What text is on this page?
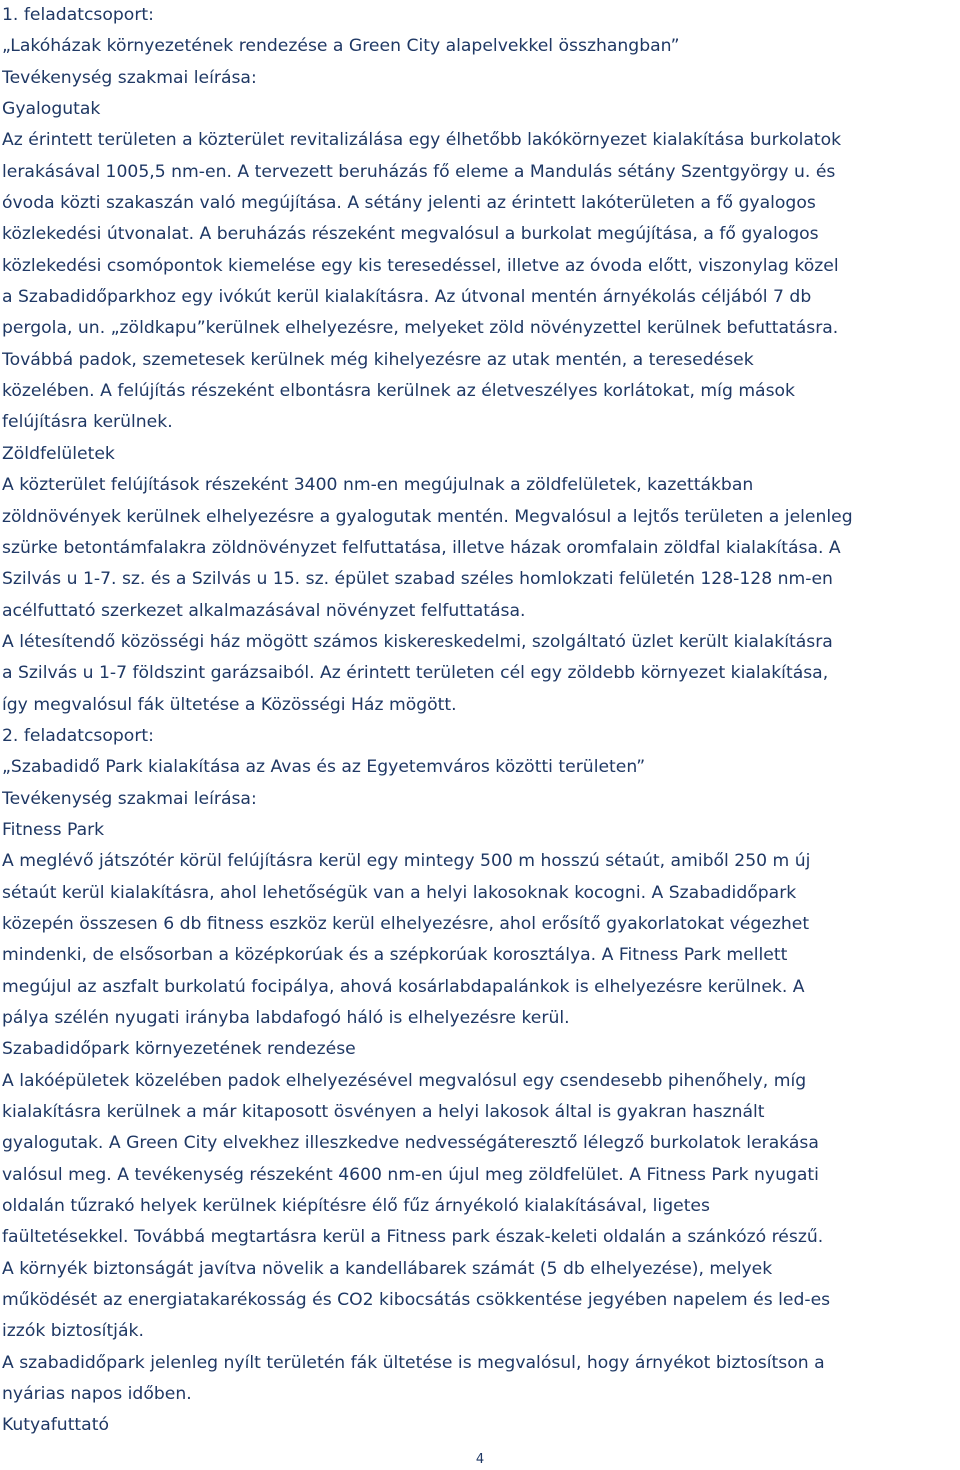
1. feladatcsoport:
„Lakóházak környezetének rendezése a Green City alapelvekkel összhangban”
Tevékenység szakmai leírása:
Gyalogutak
Az érintett területen a közterület revitalizálása egy élhetőbb lakókörnyezet kialakítása burkolatok
lerakásával 1005,5 nm-en. A tervezett beruházás fő eleme a Mandulás sétány Szentgyörgy u. és
óvoda közti szakaszán való megújítása. A sétány jelenti az érintett lakóterületen a fő gyalogos
közlekedési útvonalat. A beruházás részeként megvalósul a burkolat megújítása, a fő gyalogos
közlekedési csomópontok kiemelése egy kis teresedéssel, illetve az óvoda előtt, viszonylag közel
a Szabadidőparkhoz egy ivókút kerül kialakításra. Az útvonal mentén árnyékolás céljából 7 db
pergola, un. „zöldkapu”kerülnek elhelyezésre, melyeket zöld növényzettel kerülnek befuttatásra.
Továbbá padok, szemetesek kerülnek még kihelyezésre az utak mentén, a teresedések
közelében. A felújítás részeként elbontásra kerülnek az életveszélyes korlátokat, míg mások
felújításra kerülnek.
Zöldfelületek
A közterület felújítások részeként 3400 nm-en megújulnak a zöldfelületek, kazettákban
zöldnövények kerülnek elhelyezésre a gyalogutak mentén. Megvalósul a lejtős területen a jelenleg
szürke betontámfalakra zöldnövényzet felfuttatása, illetve házak oromfalain zöldfal kialakítása. A
Szilvás u 1-7. sz. és a Szilvás u 15. sz. épület szabad széles homlokzati felületén 128-128 nm-en
acélfuttató szerkezet alkalmazásával növényzet felfuttatása.
A létesítendő közösségi ház mögött számos kiskereskedelmi, szolgáltató üzlet került kialakításra
a Szilvás u 1-7 földszint garázsaiból. Az érintett területen cél egy zöldebb környezet kialakítása,
így megvalósul fák ültetése a Közösségi Ház mögött.
2. feladatcsoport:
„Szabadidő Park kialakítása az Avas és az Egyetemváros közötti területen”
Tevékenység szakmai leírása:
Fitness Park
A meglévő játszótér körül felújításra kerül egy mintegy 500 m hosszú sétaút, amiből 250 m új
sétaút kerül kialakításra, ahol lehetőségük van a helyi lakosoknak kocogni. A Szabadidőpark
közepén összesen 6 db fitness eszköz kerül elhelyezésre, ahol erősítő gyakorlatokat végezhet
mindenki, de elsősorban a középkorúak és a szépkorúak korosztálya. A Fitness Park mellett
megújul az aszfalt burkolatú focipálya, ahová kosárlabdapalánkok is elhelyezésre kerülnek. A
pálya szélén nyugati irányba labdafogó háló is elhelyezésre kerül.
Szabadidőpark környezetének rendezése
A lakóépületek közelében padok elhelyezésével megvalósul egy csendesebb pihenőhely, míg
kialakításra kerülnek a már kitaposott ösvényen a helyi lakosok által is gyakran használt
gyalogutak. A Green City elvekhez illeszkedve nedvességáteresztő lélegző burkolatok lerakása
valósul meg. A tevékenység részeként 4600 nm-en újul meg zöldfelület. A Fitness Park nyugati
oldalán tűzrakó helyek kerülnek kiépítésre élő fűz árnyékoló kialakításával, ligetes
faültetésekkel. Továbbá megtartásra kerül a Fitness park észak-keleti oldalán a szánkózó részű.
A környék biztonságát javítva növelik a kandellábarek számát (5 db elhelyezése), melyek
működését az energiatakarékosság és CO2 kibocsátás csökkentése jegyében napelem és led-es
izzók biztosítják.
A szabadidőpark jelenleg nyílt területén fák ültetése is megvalósul, hogy árnyékot biztosítson a
nyárias napos időben.
Kutyafuttató
4
